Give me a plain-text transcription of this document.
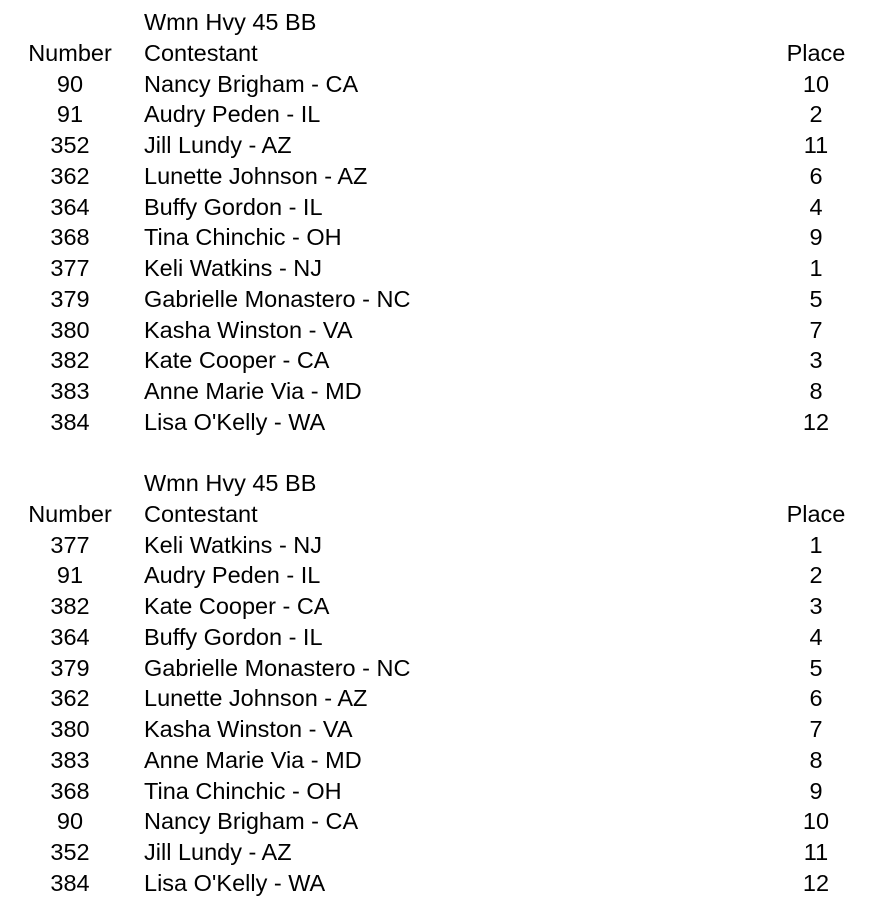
Wmn Hvy 45 BB
Number	Contestant	Place
90	Nancy Brigham - CA	10
91	Audry Peden - IL	2
352	Jill Lundy - AZ	11
362	Lunette Johnson - AZ	6
364	Buffy Gordon - IL	4
368	Tina Chinchic - OH	9
377	Keli Watkins - NJ	1
379	Gabrielle Monastero - NC	5
380	Kasha Winston - VA	7
382	Kate Cooper - CA	3
383	Anne Marie Via - MD	8
384	Lisa O'Kelly - WA	12
Wmn Hvy 45 BB
Number	Contestant	Place
377	Keli Watkins - NJ	1
91	Audry Peden - IL	2
382	Kate Cooper - CA	3
364	Buffy Gordon - IL	4
379	Gabrielle Monastero - NC	5
362	Lunette Johnson - AZ	6
380	Kasha Winston - VA	7
383	Anne Marie Via - MD	8
368	Tina Chinchic - OH	9
90	Nancy Brigham - CA	10
352	Jill Lundy - AZ	11
384	Lisa O'Kelly - WA	12
